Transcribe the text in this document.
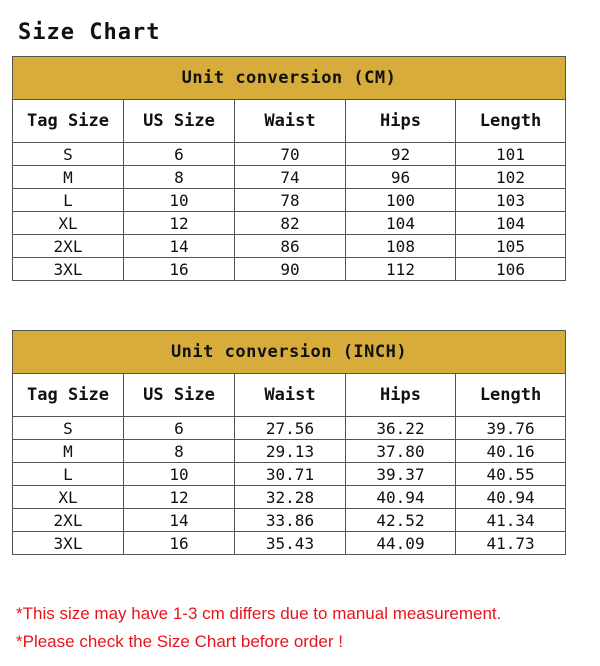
Size Chart
Unit conversion (CM)				
Tag Size	US Size	Waist	Hips	Length
S	6	70	92	101
M	8	74	96	102
L	10	78	100	103
XL	12	82	104	104
2XL	14	86	108	105
3XL	16	90	112	106
Unit conversion (INCH)				
Tag Size	US Size	Waist	Hips	Length
S	6	27.56	36.22	39.76
M	8	29.13	37.80	40.16
L	10	30.71	39.37	40.55
XL	12	32.28	40.94	40.94
2XL	14	33.86	42.52	41.34
3XL	16	35.43	44.09	41.73
*This size may have 1-3 cm differs due to manual measurement.
*Please check the Size Chart before order !
